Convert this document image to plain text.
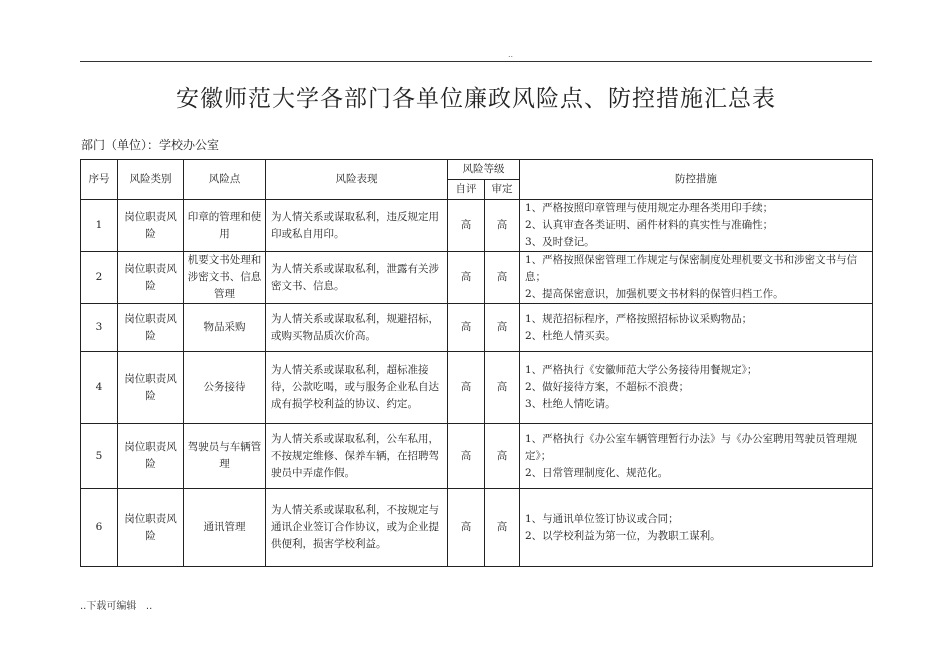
..
安徽师范大学各部门各单位廉政风险点、防控措施汇总表
部门（单位）：学校办公室
序号	风险类别	风险点	风险表现	风险等级		防控措施
				自评	审定	
1	岗位职责风险	印章的管理和使用	为人情关系或谋取私利，违反规定用印或私自用印。	高	高	1、严格按照印章管理与使用规定办理各类用印手续；
2、认真审查各类证明、函件材料的真实性与准确性；
3、及时登记。

2	岗位职责风险	机要文书处理和涉密文书、信息管理	为人情关系或谋取私利，泄露有关涉密文书、信息。	高	高	1、严格按照保密管理工作规定与保密制度处理机要文书和涉密文书与信息；
2、提高保密意识，加强机要文书材料的保管归档工作。

3	岗位职责风险	物品采购	为人情关系或谋取私利，规避招标，或购买物品质次价高。	高	高	1、规范招标程序，严格按照招标协议采购物品；
2、杜绝人情买卖。

4	岗位职责风险	公务接待	为人情关系或谋取私利，超标准接待，公款吃喝，或与服务企业私自达成有损学校利益的协议、约定。	高	高	1、严格执行《安徽师范大学公务接待用餐规定》；
2、做好接待方案，不超标不浪费；
3、杜绝人情吃请。

5	岗位职责风险	驾驶员与车辆管理	为人情关系或谋取私利，公车私用，不按规定维修、保养车辆，在招聘驾驶员中弄虚作假。	高	高	1、严格执行《办公室车辆管理暂行办法》与《办公室聘用驾驶员管理规定》；
2、日常管理制度化、规范化。

6	岗位职责风险	通讯管理	为人情关系或谋取私利，不按规定与通讯企业签订合作协议，或为企业提供便利，损害学校利益。	高	高	1、与通讯单位签订协议或合同；
2、以学校利益为第一位，为教职工谋利。
..下载可编辑   ..
